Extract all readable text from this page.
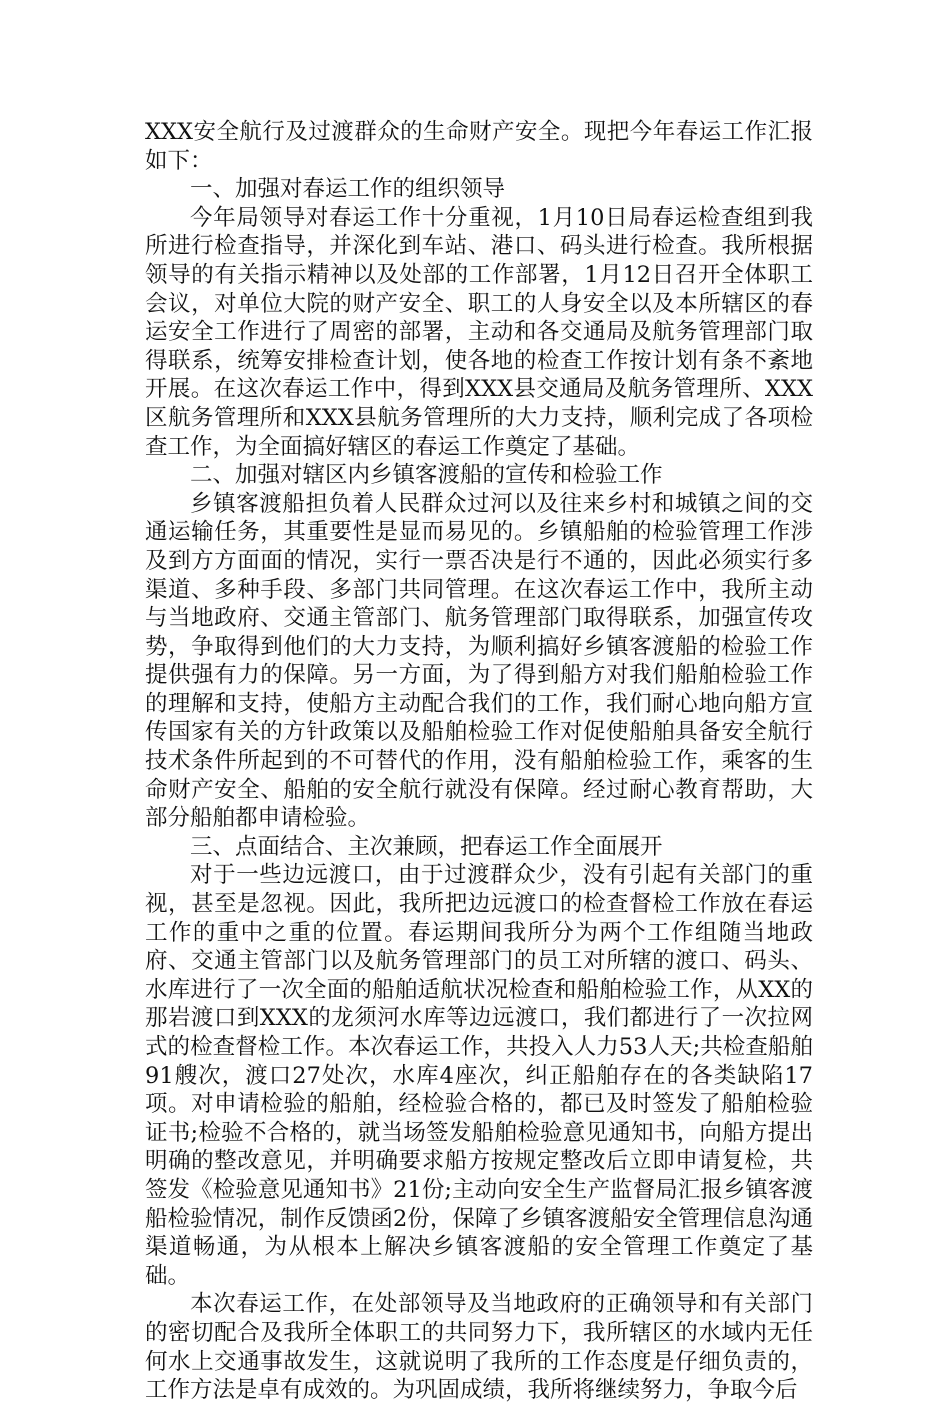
XXX安全航行及过渡群众的生命财产安全。现把今年春运工作汇报如下：

一、加强对春运工作的组织领导

今年局领导对春运工作十分重视，1月10日局春运检查组到我所进行检查指导，并深化到车站、港口、码头进行检查。我所根据领导的有关指示精神以及处部的工作部署，1月12日召开全体职工会议，对单位大院的财产安全、职工的人身安全以及本所辖区的春运安全工作进行了周密的部署，主动和各交通局及航务管理部门取得联系，统筹安排检查计划，使各地的检查工作按计划有条不紊地开展。在这次春运工作中，得到XXX县交通局及航务管理所、XXX区航务管理所和XXX县航务管理所的大力支持，顺利完成了各项检查工作，为全面搞好辖区的春运工作奠定了基础。

二、加强对辖区内乡镇客渡船的宣传和检验工作

乡镇客渡船担负着人民群众过河以及往来乡村和城镇之间的交通运输任务，其重要性是显而易见的。乡镇船舶的检验管理工作涉及到方方面面的情况，实行一票否决是行不通的，因此必须实行多渠道、多种手段、多部门共同管理。在这次春运工作中，我所主动与当地政府、交通主管部门、航务管理部门取得联系，加强宣传攻势，争取得到他们的大力支持，为顺利搞好乡镇客渡船的检验工作提供强有力的保障。另一方面，为了得到船方对我们船舶检验工作的理解和支持，使船方主动配合我们的工作，我们耐心地向船方宣传国家有关的方针政策以及船舶检验工作对促使船舶具备安全航行技术条件所起到的不可替代的作用，没有船舶检验工作，乘客的生命财产安全、船舶的安全航行就没有保障。经过耐心教育帮助，大部分船舶都申请检验。

三、点面结合、主次兼顾，把春运工作全面展开

对于一些边远渡口，由于过渡群众少，没有引起有关部门的重视，甚至是忽视。因此，我所把边远渡口的检查督检工作放在春运工作的重中之重的位置。春运期间我所分为两个工作组随当地政府、交通主管部门以及航务管理部门的员工对所辖的渡口、码头、水库进行了一次全面的船舶适航状况检查和船舶检验工作，从XX的那岩渡口到XXX的龙须河水库等边远渡口，我们都进行了一次拉网式的检查督检工作。本次春运工作，共投入人力53人天;共检查船舶91艘次，渡口27处次，水库4座次，纠正船舶存在的各类缺陷17项。对申请检验的船舶，经检验合格的，都已及时签发了船舶检验证书;检验不合格的，就当场签发船舶检验意见通知书，向船方提出明确的整改意见，并明确要求船方按规定整改后立即申请复检，共签发《检验意见通知书》21份;主动向安全生产监督局汇报乡镇客渡船检验情况，制作反馈函2份，保障了乡镇客渡船安全管理信息沟通渠道畅通，为从根本上解决乡镇客渡船的安全管理工作奠定了基础。

本次春运工作，在处部领导及当地政府的正确领导和有关部门的密切配合及我所全体职工的共同努力下，我所辖区的水域内无任何水上交通事故发生，这就说明了我所的工作态度是仔细负责的，工作方法是卓有成效的。为巩固成绩，我所将继续努力，争取今后
